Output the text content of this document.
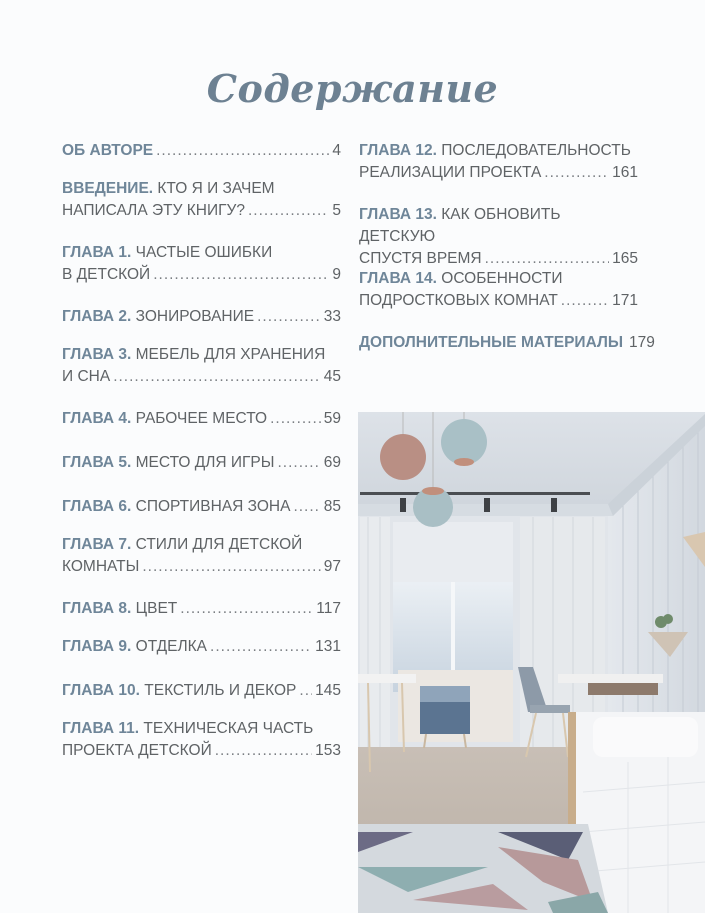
Содержание
ОБ АВТОРЕ .....	4
ВВЕДЕНИЕ. КТО Я И ЗАЧЕМ
НАПИСАЛА ЭТУ КНИГУ? .....	5
ГЛАВА 1. ЧАСТЫЕ ОШИБКИ
В ДЕТСКОЙ .....	9
ГЛАВА 2. ЗОНИРОВАНИЕ .....	33
ГЛАВА 3. МЕБЕЛЬ ДЛЯ ХРАНЕНИЯ
И СНА .....	45
ГЛАВА 4. РАБОЧЕЕ МЕСТО .....	59
ГЛАВА 5. МЕСТО ДЛЯ ИГРЫ .....	69
ГЛАВА 6. СПОРТИВНАЯ ЗОНА ..... 85
ГЛАВА 7. СТИЛИ ДЛЯ ДЕТСКОЙ
КОМНАТЫ .....	97
ГЛАВА 8. ЦВЕТ .....	117
ГЛАВА 9. ОТДЕЛКА .....	131
ГЛАВА 10. ТЕКСТИЛЬ И ДЕКОР ..... 145
ГЛАВА 11. ТЕХНИЧЕСКАЯ ЧАСТЬ
ПРОЕКТА ДЕТСКОЙ .....	153
ГЛАВА 12. ПОСЛЕДОВАТЕЛЬНОСТЬ
РЕАЛИЗАЦИИ ПРОЕКТА .....	161
ГЛАВА 13. КАК ОБНОВИТЬ ДЕТСКУЮ
СПУСТЯ ВРЕМЯ .....	165
ГЛАВА 14. ОСОБЕННОСТИ
ПОДРОСТКОВЫХ КОМНАТ .....	171
ДОПОЛНИТЕЛЬНЫЕ МАТЕРИАЛЫ 179
